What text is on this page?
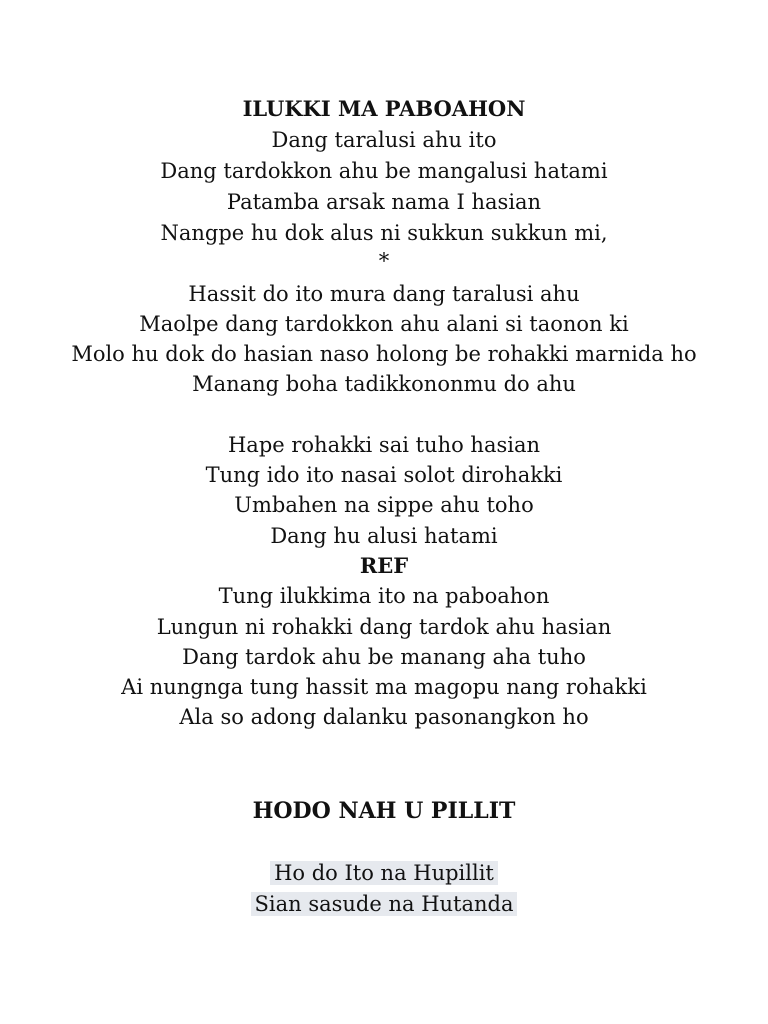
ILUKKI MA PABOAHON
Dang taralusi ahu ito
Dang tardokkon ahu be mangalusi hatami
Patamba arsak nama I hasian
Nangpe hu dok alus ni sukkun sukkun mi,
*
Hassit do ito mura dang taralusi ahu
Maolpe dang tardokkon ahu alani si taonon ki
Molo hu dok do hasian naso holong be rohakki marnida ho
Manang boha tadikkononmu do ahu
Hape rohakki sai tuho hasian
Tung ido ito nasai solot dirohakki
Umbahen na sippe ahu toho
Dang hu alusi hatami
REF
Tung ilukkima ito na paboahon
Lungun ni rohakki dang tardok ahu hasian
Dang tardok ahu be manang aha tuho
Ai nungnga tung hassit ma magopu nang rohakki
Ala so adong dalanku pasonangkon ho
HODO NAH U PILLIT
Ho do Ito na Hupillit
Sian sasude na Hutanda
